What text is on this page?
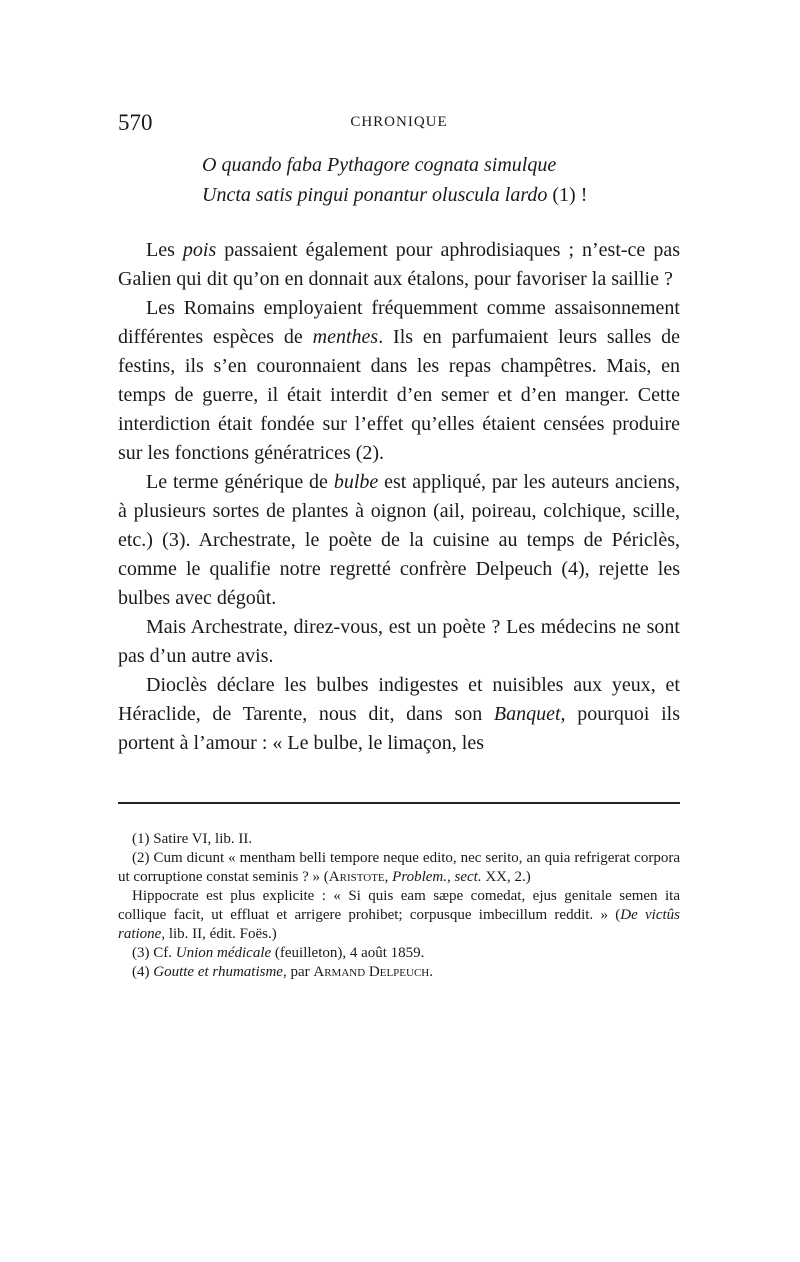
570	CHRONIQUE
O quando faba Pythagore cognata simulque
Uncta satis pingui ponantur oluscula lardo (1) !

Les pois passaient également pour aphrodisiaques ; n’est-ce pas Galien qui dit qu’on en donnait aux étalons, pour favoriser la saillie ?

Les Romains employaient fréquemment comme assaisonnement différentes espèces de menthes. Ils en parfumaient leurs salles de festins, ils s’en couronnaient dans les repas champêtres. Mais, en temps de guerre, il était interdit d’en semer et d’en manger. Cette interdiction était fondée sur l’effet qu’elles étaient censées produire sur les fonctions génératrices (2).

Le terme générique de bulbe est appliqué, par les auteurs anciens, à plusieurs sortes de plantes à oignon (ail, poireau, colchique, scille, etc.) (3). Archestrate, le poète de la cuisine au temps de Périclès, comme le qualifie notre regretté confrère Delpeuch (4), rejette les bulbes avec dégoût.

Mais Archestrate, direz-vous, est un poète ? Les médecins ne sont pas d’un autre avis.

Dioclès déclare les bulbes indigestes et nuisibles aux yeux, et Héraclide, de Tarente, nous dit, dans son Banquet, pourquoi ils portent à l’amour : « Le bulbe, le limaçon, les

(1) Satire VI, lib. II.

(2) Cum dicunt « mentham belli tempore neque edito, nec serito, an quia refrigerat corpora ut corruptione constat seminis ? » (Aristote, Problem., sect. XX, 2.)

Hippocrate est plus explicite : « Si quis eam sæpe comedat, ejus genitale semen ita collique facit, ut effluat et arrigere prohibet; corpusque imbecillum reddit. » (De victûs ratione, lib. II, édit. Foës.)

(3) Cf. Union médicale (feuilleton), 4 août 1859.

(4) Goutte et rhumatisme, par Armand Delpeuch.
